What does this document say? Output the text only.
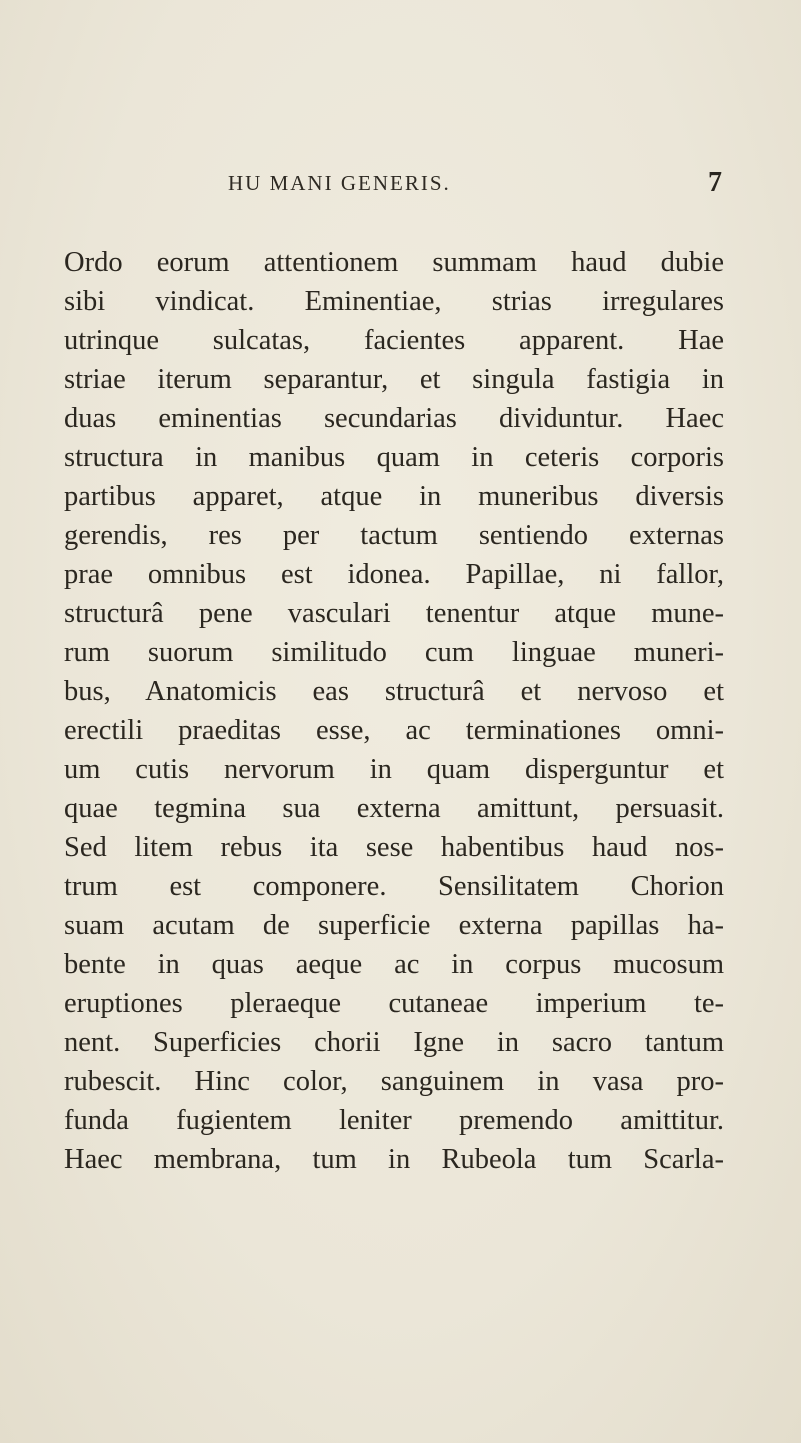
HU MANI GENERIS.	7
Ordo eorum attentionem summam haud dubie
sibi vindicat. Eminentiae, strias irregulares
utrinque sulcatas, facientes apparent. Hae
striae iterum separantur, et singula fastigia in
duas eminentias secundarias dividuntur. Haec
structura in manibus quam in ceteris corporis
partibus apparet, atque in muneribus diversis
gerendis, res per tactum sentiendo externas
prae omnibus est idonea. Papillae, ni fallor,
structurâ pene vasculari tenentur atque mune-
rum suorum similitudo cum linguae muneri-
bus, Anatomicis eas structurâ et nervoso et
erectili praeditas esse, ac terminationes omni-
um cutis nervorum in quam disperguntur et
quae tegmina sua externa amittunt, persuasit.
Sed litem rebus ita sese habentibus haud nos-
trum est componere. Sensilitatem Chorion
suam acutam de superficie externa papillas ha-
bente in quas aeque ac in corpus mucosum
eruptiones pleraeque cutaneae imperium te-
nent. Superficies chorii Igne in sacro tantum
rubescit. Hinc color, sanguinem in vasa pro-
funda fugientem leniter premendo amittitur.
Haec membrana, tum in Rubeola tum Scarla-
